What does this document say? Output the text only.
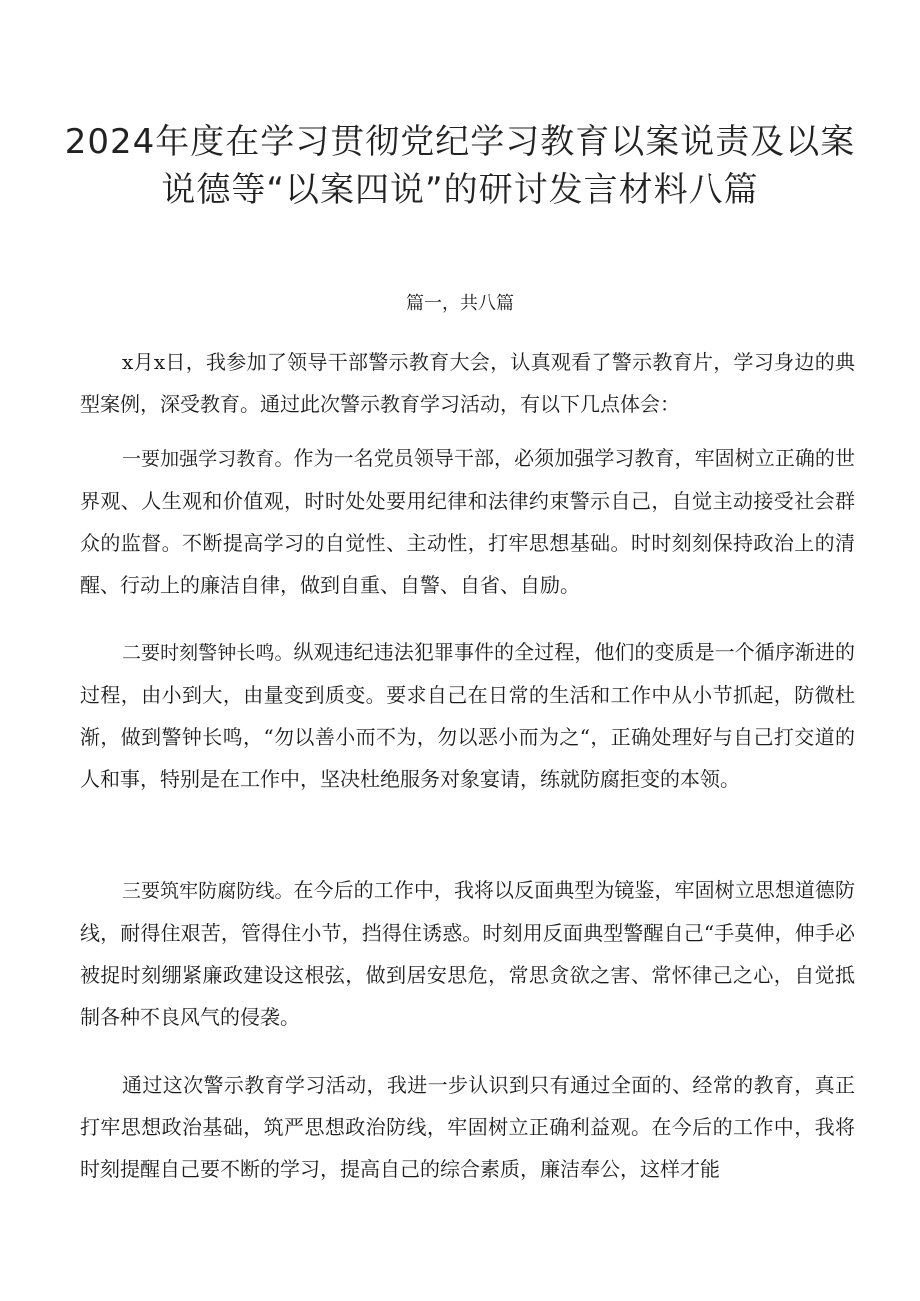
2024年度在学习贯彻党纪学习教育以案说责及以案
说德等“以案四说”的研讨发言材料八篇
篇一，共八篇

x月x日，我参加了领导干部警示教育大会，认真观看了警示教育片，学习身边的典型案例，深受教育。通过此次警示教育学习活动，有以下几点体会：

一要加强学习教育。作为一名党员领导干部，必须加强学习教育，牢固树立正确的世界观、人生观和价值观，时时处处要用纪律和法律约束警示自己，自觉主动接受社会群众的监督。不断提高学习的自觉性、主动性，打牢思想基础。时时刻刻保持政治上的清醒、行动上的廉洁自律，做到自重、自警、自省、自励。

二要时刻警钟长鸣。纵观违纪违法犯罪事件的全过程，他们的变质是一个循序渐进的过程，由小到大，由量变到质变。要求自己在日常的生活和工作中从小节抓起，防微杜渐，做到警钟长鸣，“勿以善小而不为，勿以恶小而为之“，正确处理好与自己打交道的人和事，特别是在工作中，坚决杜绝服务对象宴请，练就防腐拒变的本领。

三要筑牢防腐防线。在今后的工作中，我将以反面典型为镜鉴，牢固树立思想道德防线，耐得住艰苦，管得住小节，挡得住诱惑。时刻用反面典型警醒自己“手莫伸，伸手必被捉时刻绷紧廉政建设这根弦，做到居安思危，常思贪欲之害、常怀律己之心，自觉抵制各种不良风气的侵袭。

通过这次警示教育学习活动，我进一步认识到只有通过全面的、经常的教育，真正打牢思想政治基础，筑严思想政治防线，牢固树立正确利益观。在今后的工作中，我将时刻提醒自己要不断的学习，提高自己的综合素质，廉洁奉公，这样才能
